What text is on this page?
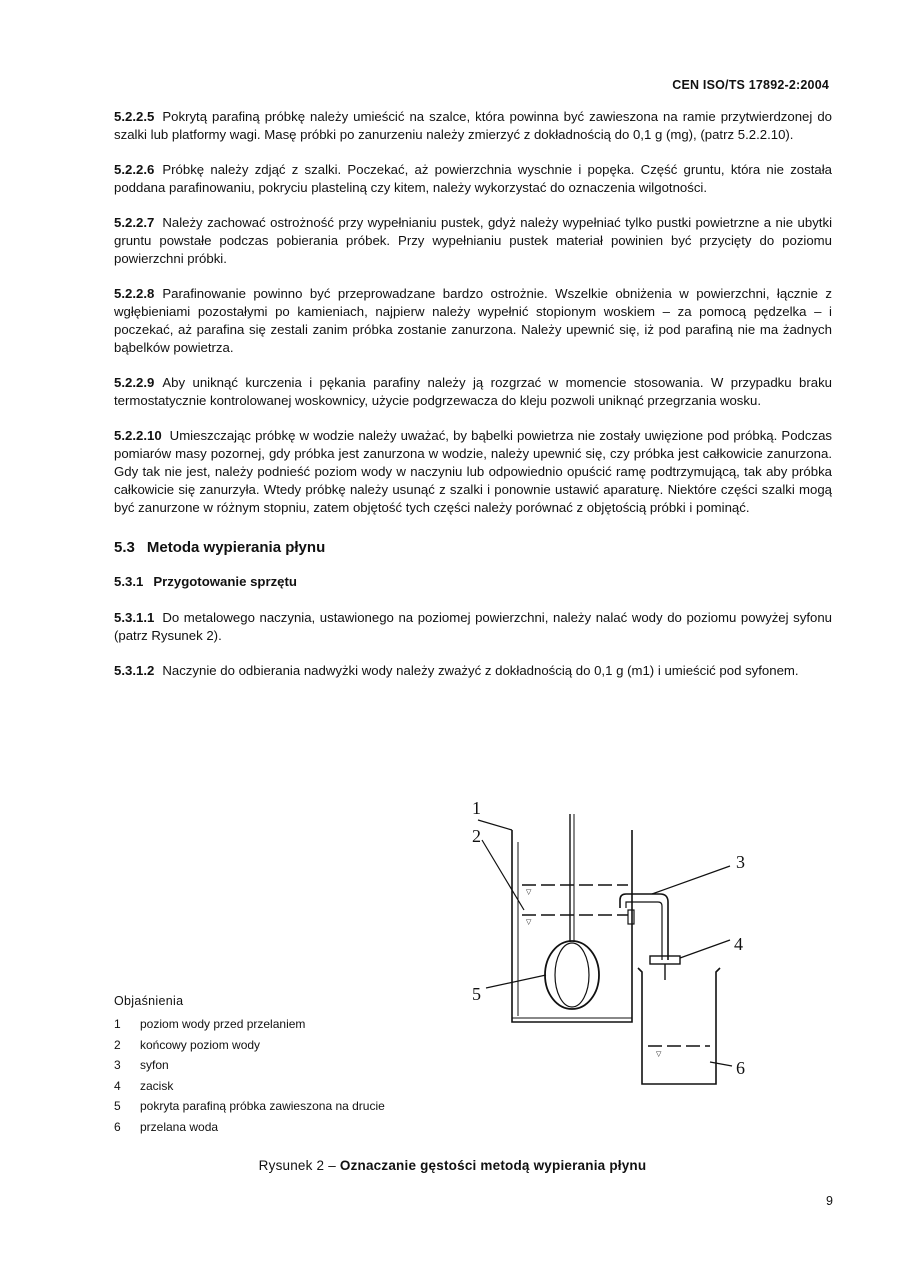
CEN ISO/TS 17892-2:2004

5.2.2.5 Pokrytą parafiną próbkę należy umieścić na szalce, która powinna być zawieszona na ramie przytwierdzonej do szalki lub platformy wagi. Masę próbki po zanurzeniu należy zmierzyć z dokładnością do 0,1 g (mg), (patrz 5.2.2.10).

5.2.2.6 Próbkę należy zdjąć z szalki. Poczekać, aż powierzchnia wyschnie i popęka. Część gruntu, która nie została poddana parafinowaniu, pokryciu plasteliną czy kitem, należy wykorzystać do oznaczenia wilgotności.

5.2.2.7 Należy zachować ostrożność przy wypełnianiu pustek, gdyż należy wypełniać tylko pustki powietrzne a nie ubytki gruntu powstałe podczas pobierania próbek. Przy wypełnianiu pustek materiał powinien być przycięty do poziomu powierzchni próbki.

5.2.2.8 Parafinowanie powinno być przeprowadzane bardzo ostrożnie. Wszelkie obniżenia w powierzchni, łącznie z wgłębieniami pozostałymi po kamieniach, najpierw należy wypełnić stopionym woskiem – za pomocą pędzelka – i poczekać, aż parafina się zestali zanim próbka zostanie zanurzona. Należy upewnić się, iż pod parafiną nie ma żadnych bąbelków powietrza.

5.2.2.9 Aby uniknąć kurczenia i pękania parafiny należy ją rozgrzać w momencie stosowania. W przypadku braku termostatycznie kontrolowanej woskownicy, użycie podgrzewacza do kleju pozwoli uniknąć przegrzania wosku.

5.2.2.10 Umieszczając próbkę w wodzie należy uważać, by bąbelki powietrza nie zostały uwięzione pod próbką. Podczas pomiarów masy pozornej, gdy próbka jest zanurzona w wodzie, należy upewnić się, czy próbka jest całkowicie zanurzona. Gdy tak nie jest, należy podnieść poziom wody w naczyniu lub odpowiednio opuścić ramę podtrzymującą, tak aby próbka całkowicie się zanurzyła. Wtedy próbkę należy usunąć z szalki i ponownie ustawić aparaturę. Niektóre części szalki mogą być zanurzone w różnym stopniu, zatem objętość tych części należy porównać z objętością próbki i pominąć.

5.3 Metoda wypierania płynu
5.3.1 Przygotowanie sprzętu

5.3.1.1 Do metalowego naczynia, ustawionego na poziomej powierzchni, należy nalać wody do poziomu powyżej syfonu (patrz Rysunek 2).

5.3.1.2 Naczynie do odbierania nadwyżki wody należy zważyć z dokładnością do 0,1 g (m1) i umieścić pod syfonem.

▽
▽
▽
1
2
3
4
5
6
Objaśnienia
1 poziom wody przed przelaniem
2 końcowy poziom wody
3 syfon
4 zacisk
5 pokryta parafiną próbka zawieszona na drucie
6 przelana woda
Rysunek 2 – Oznaczanie gęstości metodą wypierania płynu
9
